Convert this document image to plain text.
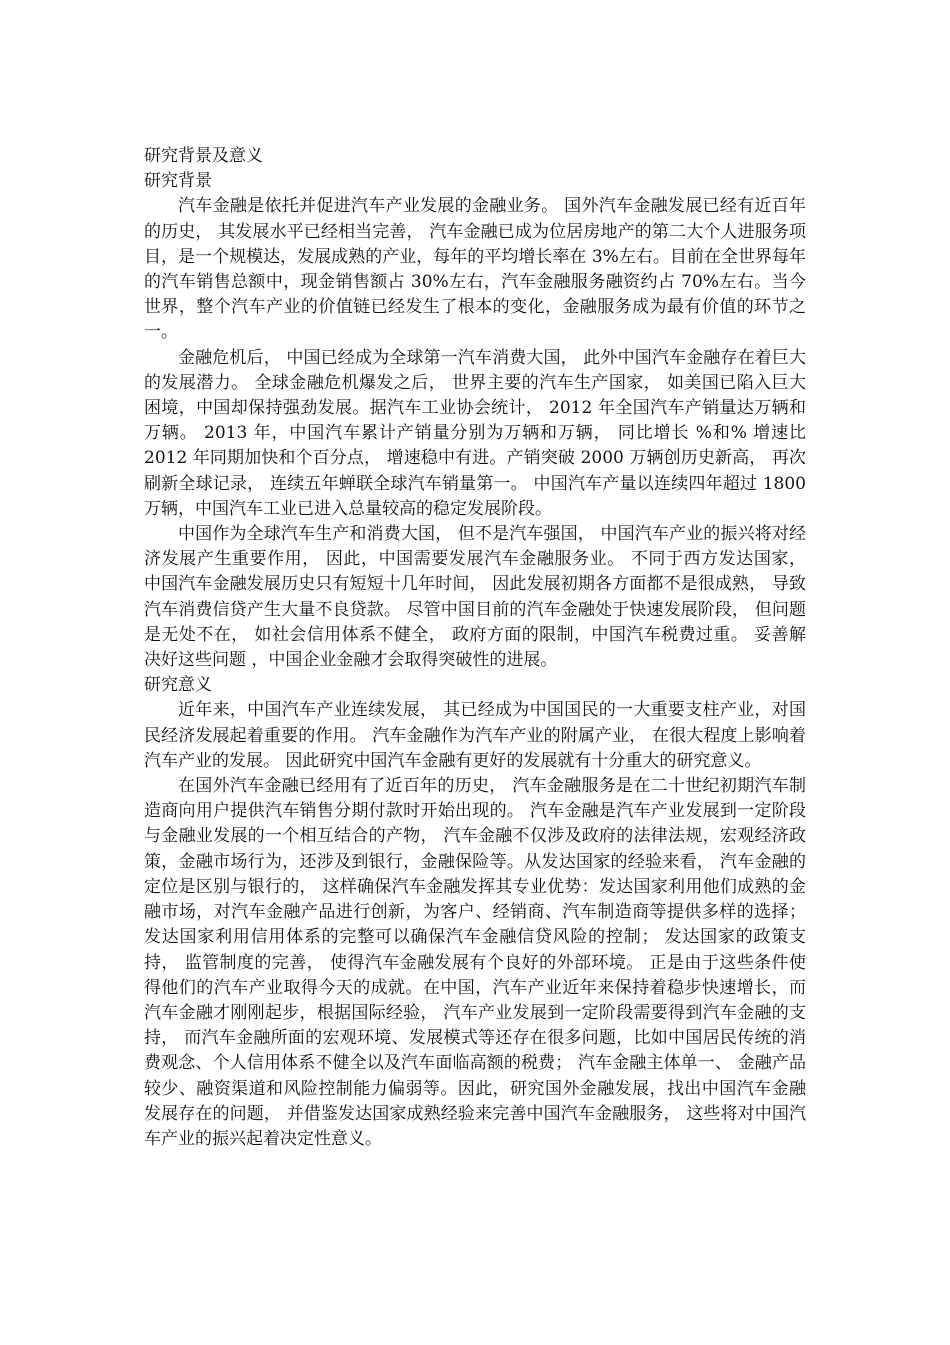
研究背景及意义

研究背景

汽车金融是依托并促进汽车产业发展的金融业务。 国外汽车金融发展已经有近百年的历史， 其发展水平已经相当完善， 汽车金融已成为位居房地产的第二大个人进服务项目，是一个规模达，发展成熟的产业，每年的平均增长率在 3%左右。目前在全世界每年的汽车销售总额中，现金销售额占 30%左右，汽车金融服务融资约占 70%左右。当今世界，整个汽车产业的价值链已经发生了根本的变化，金融服务成为最有价值的环节之一。

金融危机后， 中国已经成为全球第一汽车消费大国， 此外中国汽车金融存在着巨大的发展潜力。 全球金融危机爆发之后， 世界主要的汽车生产国家， 如美国已陷入巨大困境，中国却保持强劲发展。据汽车工业协会统计， 2012 年全国汽车产销量达万辆和万辆。 2013 年，中国汽车累计产销量分别为万辆和万辆， 同比增长 %和% 增速比 2012 年同期加快和个百分点， 增速稳中有进。产销突破 2000 万辆创历史新高， 再次刷新全球记录， 连续五年蝉联全球汽车销量第一。 中国汽车产量以连续四年超过 1800 万辆，中国汽车工业已进入总量较高的稳定发展阶段。

中国作为全球汽车生产和消费大国， 但不是汽车强国， 中国汽车产业的振兴将对经济发展产生重要作用， 因此，中国需要发展汽车金融服务业。 不同于西方发达国家， 中国汽车金融发展历史只有短短十几年时间， 因此发展初期各方面都不是很成熟， 导致汽车消费信贷产生大量不良贷款。 尽管中国目前的汽车金融处于快速发展阶段， 但问题是无处不在， 如社会信用体系不健全， 政府方面的限制，中国汽车税费过重。 妥善解决好这些问题 ，中国企业金融才会取得突破性的进展。

研究意义

近年来，中国汽车产业连续发展， 其已经成为中国国民的一大重要支柱产业，对国民经济发展起着重要的作用。 汽车金融作为汽车产业的附属产业， 在很大程度上影响着汽车产业的发展。 因此研究中国汽车金融有更好的发展就有十分重大的研究意义。

在国外汽车金融已经用有了近百年的历史， 汽车金融服务是在二十世纪初期汽车制造商向用户提供汽车销售分期付款时开始出现的。 汽车金融是汽车产业发展到一定阶段与金融业发展的一个相互结合的产物， 汽车金融不仅涉及政府的法律法规，宏观经济政策，金融市场行为，还涉及到银行，金融保险等。从发达国家的经验来看， 汽车金融的定位是区别与银行的， 这样确保汽车金融发挥其专业优势：发达国家利用他们成熟的金融市场，对汽车金融产品进行创新，为客户、经销商、汽车制造商等提供多样的选择； 发达国家利用信用体系的完整可以确保汽车金融信贷风险的控制； 发达国家的政策支持， 监管制度的完善， 使得汽车金融发展有个良好的外部环境。 正是由于这些条件使得他们的汽车产业取得今天的成就。在中国，汽车产业近年来保持着稳步快速增长，而汽车金融才刚刚起步，根据国际经验， 汽车产业发展到一定阶段需要得到汽车金融的支持， 而汽车金融所面的宏观环境、发展模式等还存在很多问题，比如中国居民传统的消费观念、个人信用体系不健全以及汽车面临高额的税费； 汽车金融主体单一、 金融产品较少、融资渠道和风险控制能力偏弱等。因此，研究国外金融发展，找出中国汽车金融发展存在的问题， 并借鉴发达国家成熟经验来完善中国汽车金融服务， 这些将对中国汽车产业的振兴起着决定性意义。
